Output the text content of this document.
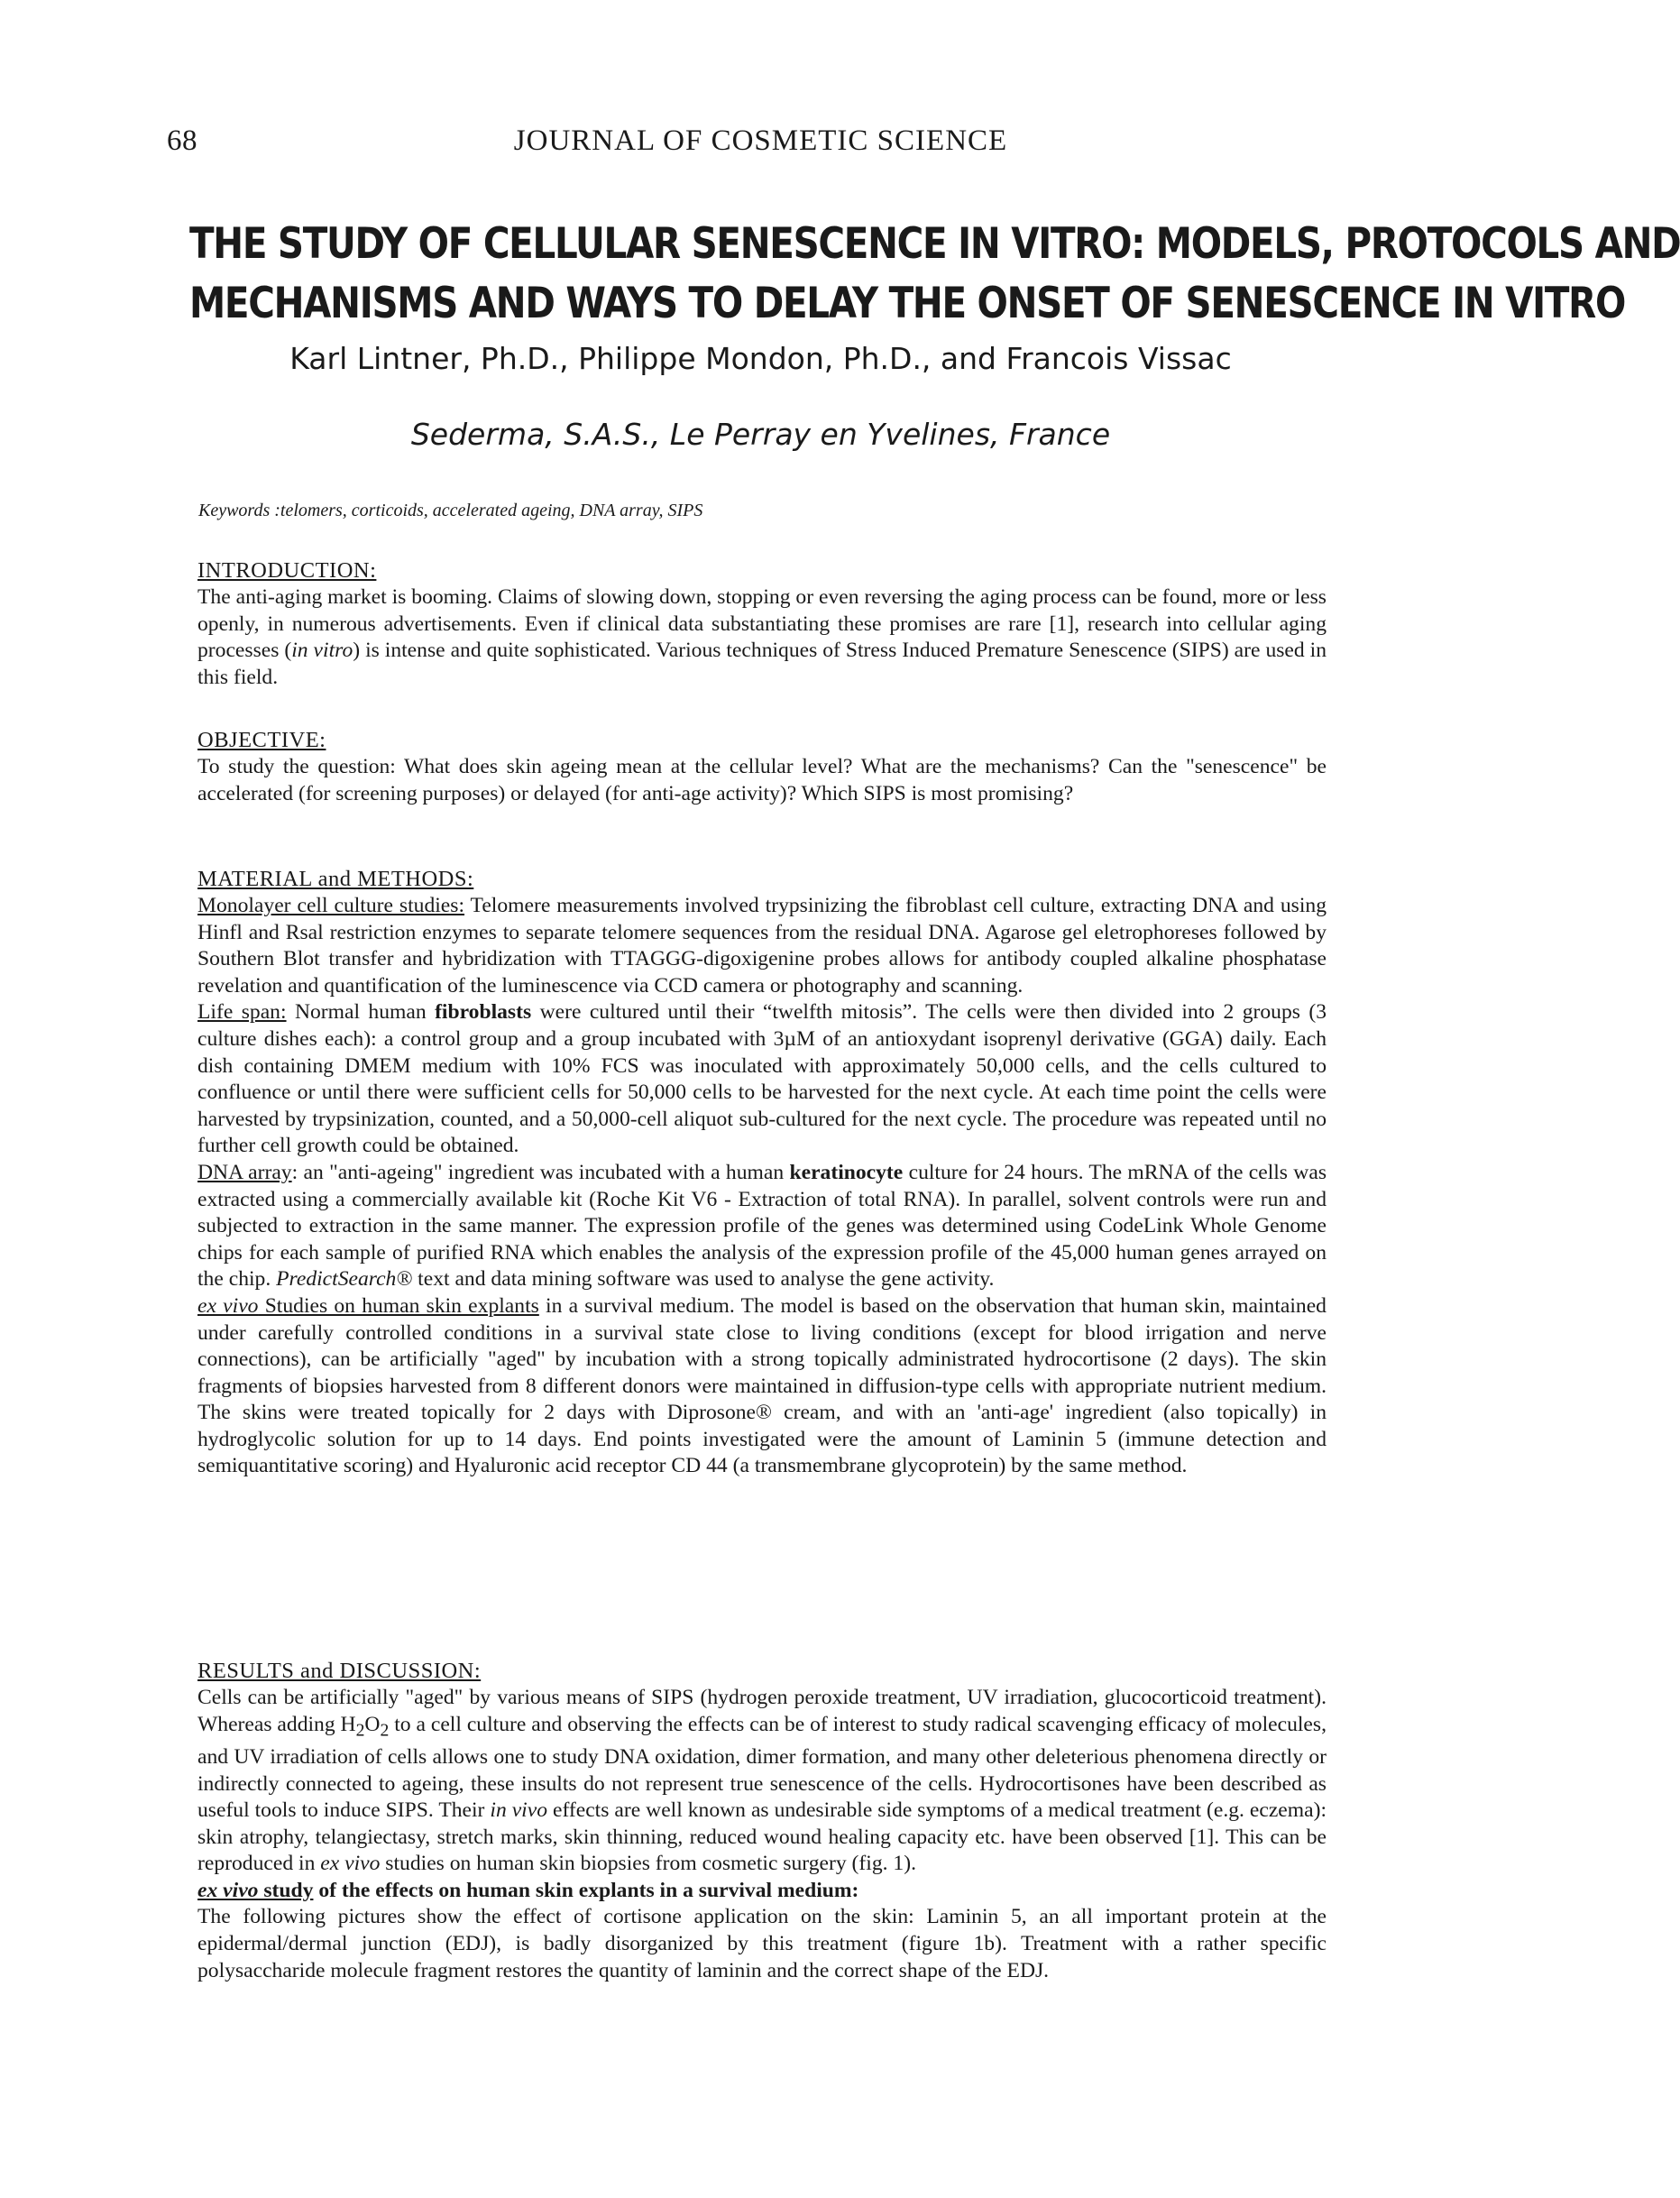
68	JOURNAL OF COSMETIC SCIENCE
THE STUDY OF CELLULAR SENESCENCE IN VITRO: MODELS, PROTOCOLS AND
MECHANISMS AND WAYS TO DELAY THE ONSET OF SENESCENCE IN VITRO
Karl Lintner, Ph.D., Philippe Mondon, Ph.D., and Francois Vissac
Sederma, S.A.S., Le Perray en Yvelines, France
Keywords :telomers, corticoids, accelerated ageing, DNA array, SIPS
INTRODUCTION:

The anti-aging market is booming. Claims of slowing down, stopping or even reversing the aging process can be found, more or less openly, in numerous advertisements. Even if clinical data substantiating these promises are rare [1], research into cellular aging processes (in vitro) is intense and quite sophisticated. Various techniques of Stress Induced Premature Senescence (SIPS) are used in this field.

OBJECTIVE:

To study the question: What does skin ageing mean at the cellular level? What are the mechanisms? Can the "senescence" be accelerated (for screening purposes) or delayed (for anti-age activity)? Which SIPS is most promising?

MATERIAL and METHODS:

Monolayer cell culture studies: Telomere measurements involved trypsinizing the fibroblast cell culture, extracting DNA and using Hinfl and Rsal restriction enzymes to separate telomere sequences from the residual DNA. Agarose gel eletrophoreses followed by Southern Blot transfer and hybridization with TTAGGG-digoxigenine probes allows for antibody coupled alkaline phosphatase revelation and quantification of the luminescence via CCD camera or photography and scanning.

Life span: Normal human fibroblasts were cultured until their “twelfth mitosis”. The cells were then divided into 2 groups (3 culture dishes each): a control group and a group incubated with 3µM of an antioxydant isoprenyl derivative (GGA) daily. Each dish containing DMEM medium with 10% FCS was inoculated with approximately 50,000 cells, and the cells cultured to confluence or until there were sufficient cells for 50,000 cells to be harvested for the next cycle. At each time point the cells were harvested by trypsinization, counted, and a 50,000-cell aliquot sub-cultured for the next cycle. The procedure was repeated until no further cell growth could be obtained.

DNA array: an "anti-ageing" ingredient was incubated with a human keratinocyte culture for 24 hours. The mRNA of the cells was extracted using a commercially available kit (Roche Kit V6 - Extraction of total RNA). In parallel, solvent controls were run and subjected to extraction in the same manner. The expression profile of the genes was determined using CodeLink Whole Genome chips for each sample of purified RNA which enables the analysis of the expression profile of the 45,000 human genes arrayed on the chip. PredictSearch® text and data mining software was used to analyse the gene activity.

ex vivo Studies on human skin explants in a survival medium. The model is based on the observation that human skin, maintained under carefully controlled conditions in a survival state close to living conditions (except for blood irrigation and nerve connections), can be artificially "aged" by incubation with a strong topically administrated hydrocortisone (2 days). The skin fragments of biopsies harvested from 8 different donors were maintained in diffusion-type cells with appropriate nutrient medium. The skins were treated topically for 2 days with Diprosone® cream, and with an 'anti-age' ingredient (also topically) in hydroglycolic solution for up to 14 days. End points investigated were the amount of Laminin 5 (immune detection and semiquantitative scoring) and Hyaluronic acid receptor CD 44 (a transmembrane glycoprotein) by the same method.

RESULTS and DISCUSSION:

Cells can be artificially "aged" by various means of SIPS (hydrogen peroxide treatment, UV irradiation, glucocorticoid treatment). Whereas adding $H_2O_2$ to a cell culture and observing the effects can be of interest to study radical scavenging efficacy of molecules, and UV irradiation of cells allows one to study DNA oxidation, dimer formation, and many other deleterious phenomena directly or indirectly connected to ageing, these insults do not represent true senescence of the cells. Hydrocortisones have been described as useful tools to induce SIPS. Their in vivo effects are well known as undesirable side symptoms of a medical treatment (e.g. eczema): skin atrophy, telangiectasy, stretch marks, skin thinning, reduced wound healing capacity etc. have been observed [1]. This can be reproduced in ex vivo studies on human skin biopsies from cosmetic surgery (fig. 1).

ex vivo study of the effects on human skin explants in a survival medium:

The following pictures show the effect of cortisone application on the skin: Laminin 5, an all important protein at the epidermal/dermal junction (EDJ), is badly disorganized by this treatment (figure 1b). Treatment with a rather specific polysaccharide molecule fragment restores the quantity of laminin and the correct shape of the EDJ.
